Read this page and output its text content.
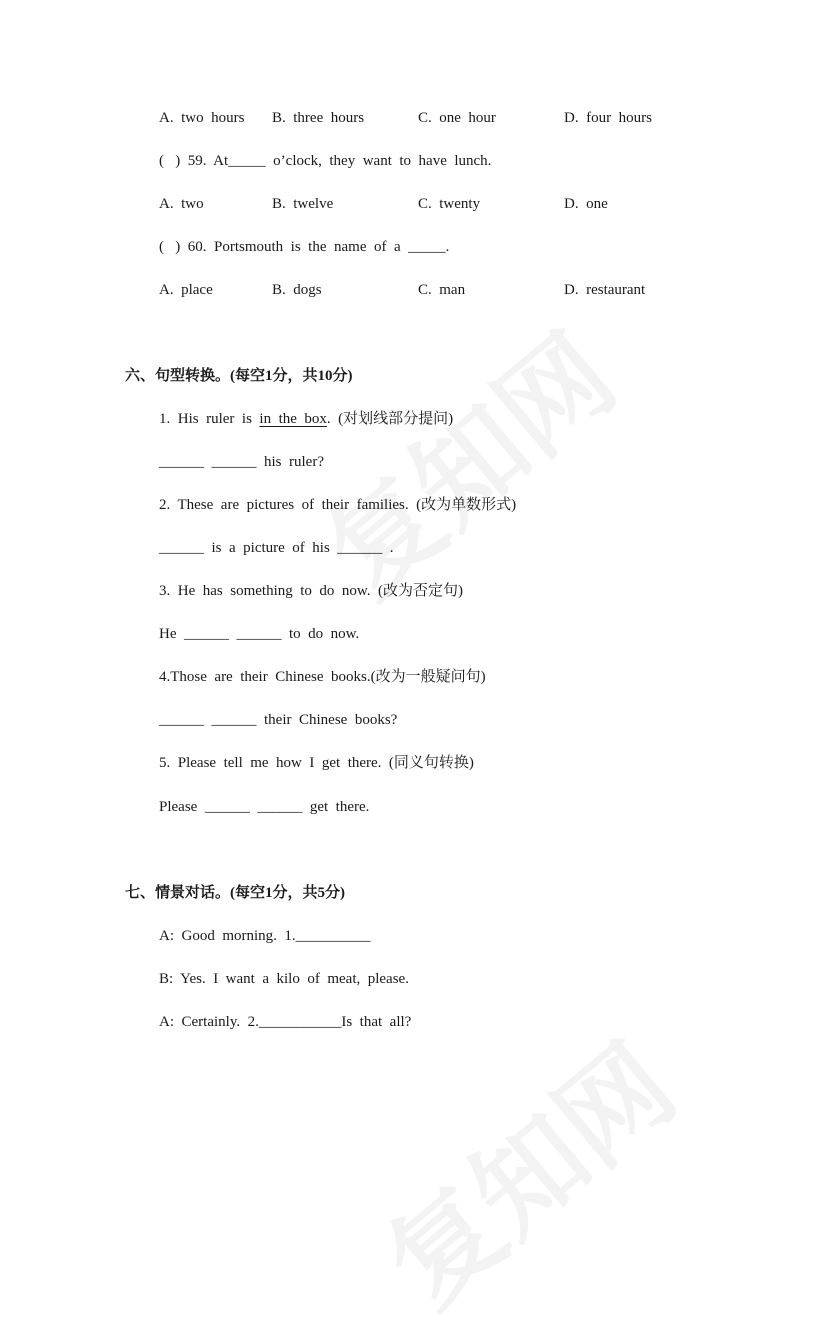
A.  two  hours B.  three  hours	C.  one  hour	D.  four  hours
(   )  59.  At_____  o’clock,  they  want  to  have  lunch.
A.  two	B.  twelve	C.  twenty	D.  one
(   )  60.  Portsmouth  is  the  name  of  a  _____.
A.  place	B.  dogs	C.  man	D.  restaurant
六、句型转换。(每空1分，共10分)
1.  His  ruler  is  in  the  box.  (对划线部分提问)
______  ______  his  ruler?
2.  These  are  pictures  of  their  families.  (改为单数形式)
______  is  a  picture  of  his  ______  .
3.  He  has  something  to  do  now.  (改为否定句)
He  ______  ______  to  do  now.
4.Those  are  their  Chinese  books.(改为一般疑问句)
______  ______  their  Chinese  books?
5.  Please  tell  me  how  I  get  there.  (同义句转换)
Please  ______  ______  get  there.
七、情景对话。(每空1分，共5分)
A:  Good  morning.  1.__________
B:  Yes.  I  want  a  kilo  of  meat,  please.
A:  Certainly.  2.___________Is  that  all?
